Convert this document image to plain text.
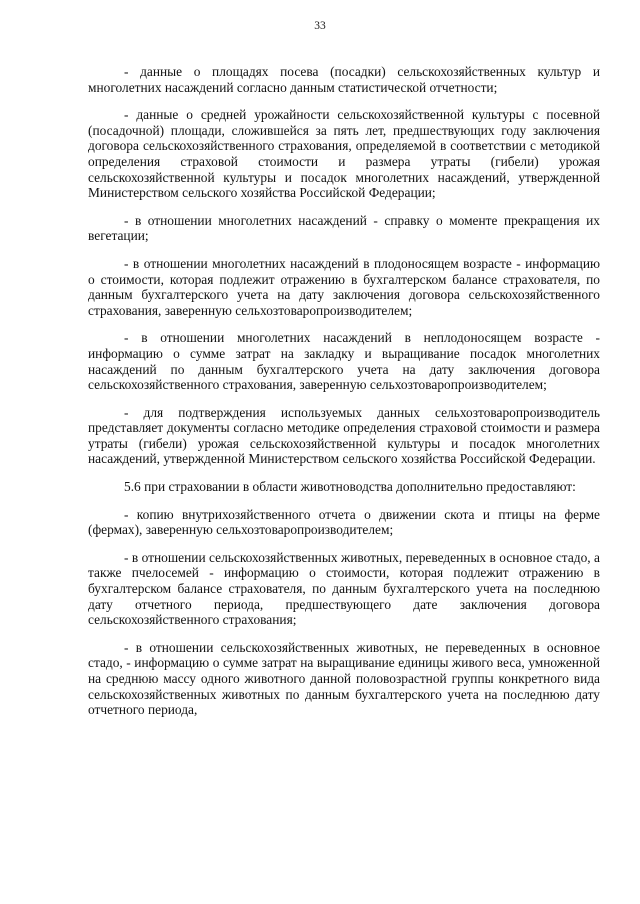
33

- данные о площадях посева (посадки) сельскохозяйственных культур и многолетних насаждений согласно данным статистической отчетности;

- данные о средней урожайности сельскохозяйственной культуры с посевной (посадочной) площади, сложившейся за пять лет, предшествующих году заключения договора сельскохозяйственного страхования, определяемой в соответствии с методикой определения страховой стоимости и размера утраты (гибели) урожая сельскохозяйственной культуры и посадок многолетних насаждений, утвержденной Министерством сельского хозяйства Российской Федерации;

- в отношении многолетних насаждений - справку о моменте прекращения их вегетации;

- в отношении многолетних насаждений в плодоносящем возрасте - информацию о стоимости, которая подлежит отражению в бухгалтерском балансе страхователя, по данным бухгалтерского учета на дату заключения договора сельскохозяйственного страхования, заверенную сельхозтоваропроизводителем;

- в отношении многолетних насаждений в неплодоносящем возрасте - информацию о сумме затрат на закладку и выращивание посадок многолетних насаждений по данным бухгалтерского учета на дату заключения договора сельскохозяйственного страхования, заверенную сельхозтоваропроизводителем;

- для подтверждения используемых данных сельхозтоваропроизводитель представляет документы согласно методике определения страховой стоимости и размера утраты (гибели) урожая сельскохозяйственной культуры и посадок многолетних насаждений, утвержденной Министерством сельского хозяйства Российской Федерации.

5.6 при страховании в области животноводства дополнительно предоставляют:

- копию внутрихозяйственного отчета о движении скота и птицы на ферме (фермах), заверенную сельхозтоваропроизводителем;

- в отношении сельскохозяйственных животных, переведенных в основное стадо, а также пчелосемей - информацию о стоимости, которая подлежит отражению в бухгалтерском балансе страхователя, по данным бухгалтерского учета на последнюю дату отчетного периода, предшествующего дате заключения договора сельскохозяйственного страхования;

- в отношении сельскохозяйственных животных, не переведенных в основное стадо, - информацию о сумме затрат на выращивание единицы живого веса, умноженной на среднюю массу одного животного данной половозрастной группы конкретного вида сельскохозяйственных животных по данным бухгалтерского учета на последнюю дату отчетного периода,
